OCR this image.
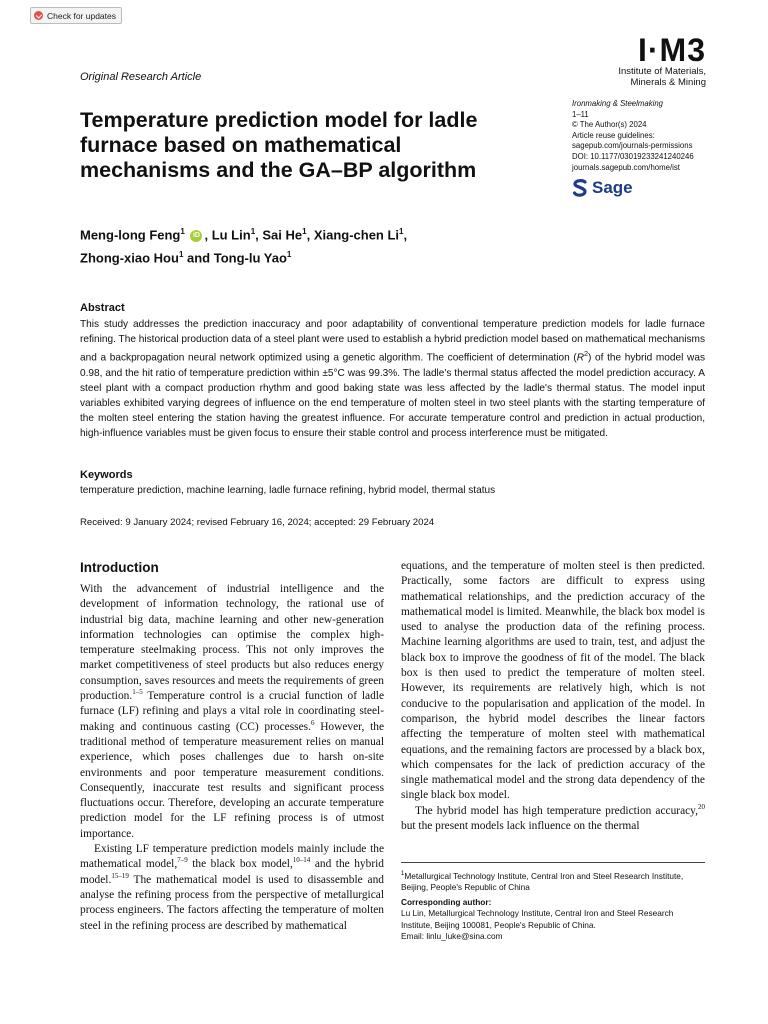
Check for updates
I·M3
Institute of Materials,
Minerals & Mining
Original Research Article
Temperature prediction model for ladle furnace based on mathematical mechanisms and the GA–BP algorithm
Ironmaking & Steelmaking
1–11
© The Author(s) 2024
Article reuse guidelines:
sagepub.com/journals-permissions
DOI: 10.1177/03019233241240246
journals.sagepub.com/home/ist
Sage
Meng-long Feng$^1$ iD , Lu Lin$^1$, Sai He$^1$, Xiang-chen Li$^1$,
Zhong-xiao Hou$^1$ and Tong-lu Yao$^1$
Abstract
This study addresses the prediction inaccuracy and poor adaptability of conventional temperature prediction models for ladle furnace refining. The historical production data of a steel plant were used to establish a hybrid prediction model based on mathematical mechanisms and a backpropagation neural network optimized using a genetic algorithm. The coefficient of determination $(R^2)$ of the hybrid model was 0.98, and the hit ratio of temperature prediction within ±5°C was 99.3%. The ladle's thermal status affected the model prediction accuracy. A steel plant with a compact production rhythm and good baking state was less affected by the ladle's thermal status. The model input variables exhibited varying degrees of influence on the end temperature of molten steel in two steel plants with the starting temperature of the molten steel entering the station having the greatest influence. For accurate temperature control and prediction in actual production, high-influence variables must be given focus to ensure their stable control and process interference must be mitigated.
Keywords
temperature prediction, machine learning, ladle furnace refining, hybrid model, thermal status
Received: 9 January 2024; revised February 16, 2024; accepted: 29 February 2024
Introduction

With the advancement of industrial intelligence and the development of information technology, the rational use of industrial big data, machine learning and other new-generation information technologies can optimise the complex high-temperature steelmaking process. This not only improves the market competitiveness of steel products but also reduces energy consumption, saves resources and meets the requirements of green production.$^{1-5}$ Temperature control is a crucial function of ladle furnace (LF) refining and plays a vital role in coordinating steel-making and continuous casting (CC) processes.$^6$ However, the traditional method of temperature measurement relies on manual experience, which poses challenges due to harsh on-site environments and poor temperature measurement conditions. Consequently, inaccurate test results and significant process fluctuations occur. Therefore, developing an accurate temperature prediction model for the LF refining process is of utmost importance.

Existing LF temperature prediction models mainly include the mathematical model,$^{7-9}$ the black box model,$^{10-14}$ and the hybrid model.$^{15-19}$ The mathematical model is used to disassemble and analyse the refining process from the perspective of metallurgical process engineers. The factors affecting the temperature of molten steel in the refining process are described by mathematical

equations, and the temperature of molten steel is then predicted. Practically, some factors are difficult to express using mathematical relationships, and the prediction accuracy of the mathematical model is limited. Meanwhile, the black box model is used to analyse the production data of the refining process. Machine learning algorithms are used to train, test, and adjust the black box to improve the goodness of fit of the model. The black box is then used to predict the temperature of molten steel. However, its requirements are relatively high, which is not conducive to the popularisation and application of the model. In comparison, the hybrid model describes the linear factors affecting the temperature of molten steel with mathematical equations, and the remaining factors are processed by a black box, which compensates for the lack of prediction accuracy of the single mathematical model and the strong data dependency of the single black box model.

The hybrid model has high temperature prediction accuracy,$^{20}$ but the present models lack influence on the thermal

$^1$Metallurgical Technology Institute, Central Iron and Steel Research Institute, Beijing, People's Republic of China
Corresponding author:
Lu Lin, Metallurgical Technology Institute, Central Iron and Steel Research Institute, Beijing 100081, People's Republic of China.
Email: linlu_luke@sina.com
